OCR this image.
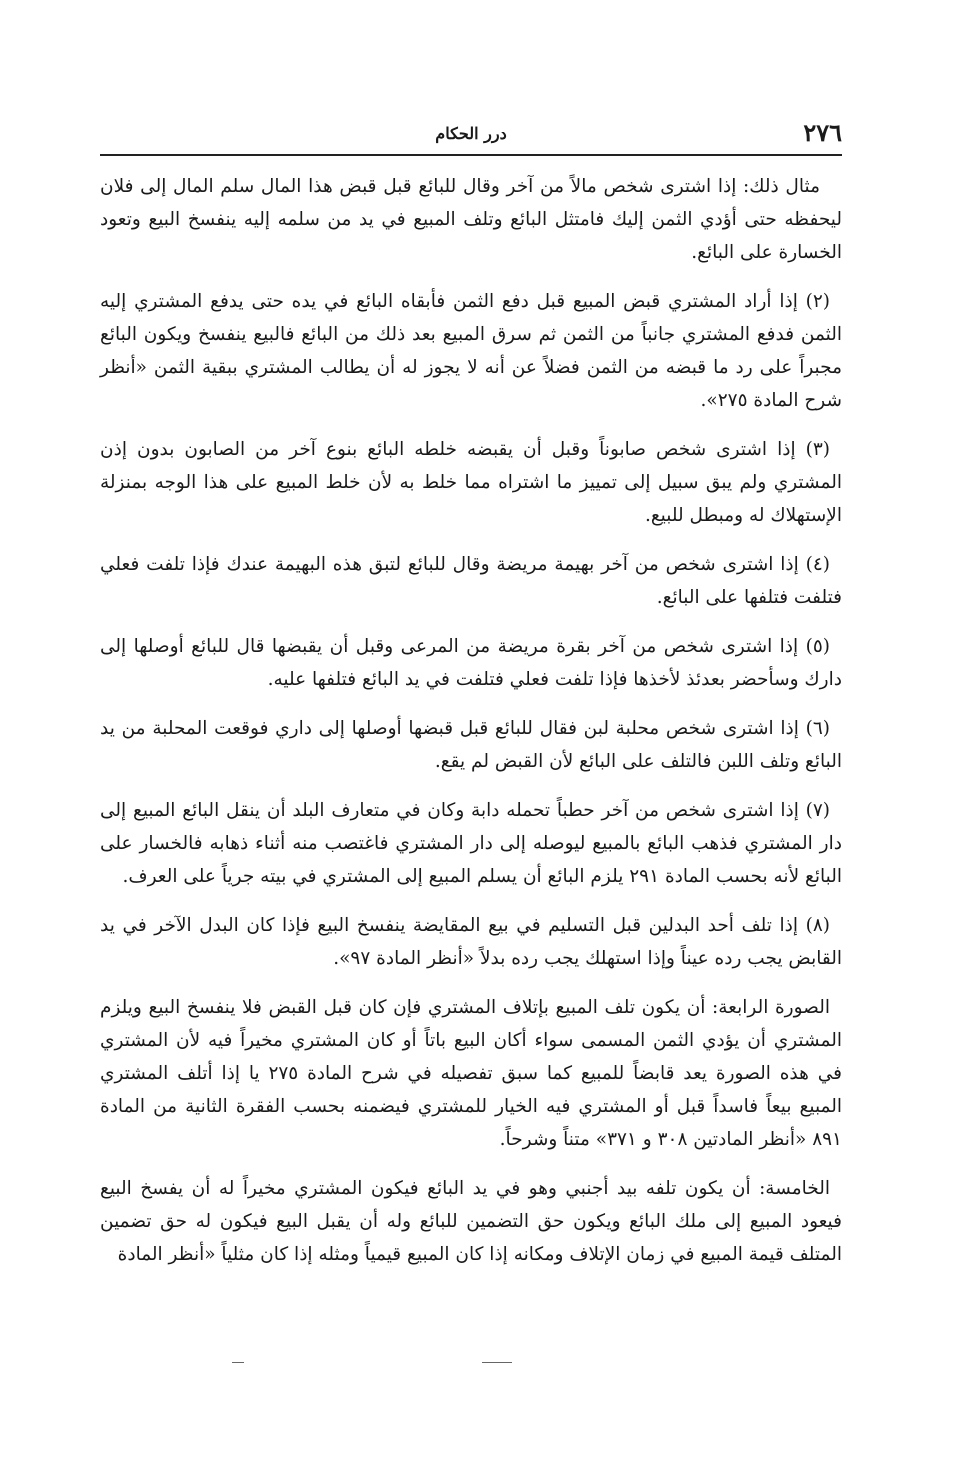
٢٧٦
درر الحكام

مثال ذلك: إذا اشترى شخص مالاً من آخر وقال للبائع قبل قبض هذا المال سلم المال إلى فلان ليحفظه حتى أؤدي الثمن إليك فامتثل البائع وتلف المبيع في يد من سلمه إليه ينفسخ البيع وتعود الخسارة على البائع.

(٢) إذا أراد المشتري قبض المبيع قبل دفع الثمن فأبقاه البائع في يده حتى يدفع المشتري إليه الثمن فدفع المشتري جانباً من الثمن ثم سرق المبيع بعد ذلك من البائع فالبيع ينفسخ ويكون البائع مجبراً على رد ما قبضه من الثمن فضلاً عن أنه لا يجوز له أن يطالب المشتري ببقية الثمن «أنظر شرح المادة ٢٧٥».

(٣) إذا اشترى شخص صابوناً وقبل أن يقبضه خلطه البائع بنوع آخر من الصابون بدون إذن المشتري ولم يبق سبيل إلى تمييز ما اشتراه مما خلط به لأن خلط المبيع على هذا الوجه بمنزلة الإستهلاك له ومبطل للبيع.

(٤) إذا اشترى شخص من آخر بهيمة مريضة وقال للبائع لتبق هذه البهيمة عندك فإذا تلفت فعلي فتلفت فتلفها على البائع.

(٥) إذا اشترى شخص من آخر بقرة مريضة من المرعى وقبل أن يقبضها قال للبائع أوصلها إلى دارك وسأحضر بعدئذ لأخذها فإذا تلفت فعلي فتلفت في يد البائع فتلفها عليه.

(٦) إذا اشترى شخص محلبة لبن فقال للبائع قبل قبضها أوصلها إلى داري فوقعت المحلبة من يد البائع وتلف اللبن فالتلف على البائع لأن القبض لم يقع.

(٧) إذا اشترى شخص من آخر حطباً تحمله دابة وكان في متعارف البلد أن ينقل البائع المبيع إلى دار المشتري فذهب البائع بالمبيع ليوصله إلى دار المشتري فاغتصب منه أثناء ذهابه فالخسار على البائع لأنه بحسب المادة ٢٩١ يلزم البائع أن يسلم المبيع إلى المشتري في بيته جرياً على العرف.

(٨) إذا تلف أحد البدلين قبل التسليم في بيع المقايضة ينفسخ البيع فإذا كان البدل الآخر في يد القابض يجب رده عيناً وإذا استهلك يجب رده بدلاً «أنظر المادة ٩٧».

الصورة الرابعة: أن يكون تلف المبيع بإتلاف المشتري فإن كان قبل القبض فلا ينفسخ البيع ويلزم المشتري أن يؤدي الثمن المسمى سواء أكان البيع باتاً أو كان المشتري مخيراً فيه لأن المشتري في هذه الصورة يعد قابضاً للمبيع كما سبق تفصيله في شرح المادة ٢٧٥ يا إذا أتلف المشتري المبيع بيعاً فاسداً قبل أو المشتري فيه الخيار للمشتري فيضمنه بحسب الفقرة الثانية من المادة ٨٩١ «أنظر المادتين ٣٠٨ و ٣٧١» متناً وشرحاً.

الخامسة: أن يكون تلفه بيد أجنبي وهو في يد البائع فيكون المشتري مخيراً له أن يفسخ البيع فيعود المبيع إلى ملك البائع ويكون حق التضمين للبائع وله أن يقبل البيع فيكون له حق تضمين المتلف قيمة المبيع في زمان الإتلاف ومكانه إذا كان المبيع قيمياً ومثله إذا كان مثلياً «أنظر المادة
